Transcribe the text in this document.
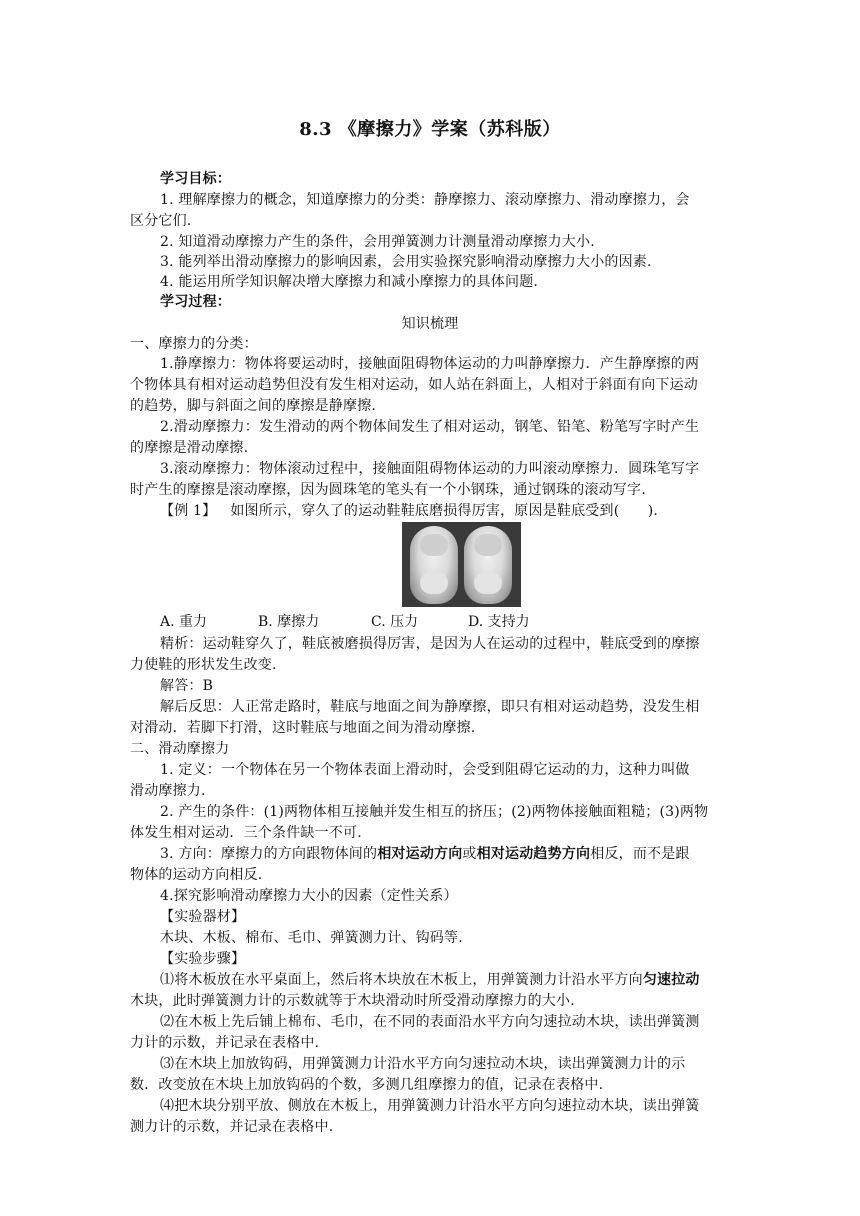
8.3 《摩擦力》学案（苏科版）
学习目标：
1. 理解摩擦力的概念，知道摩擦力的分类：静摩擦力、滚动摩擦力、滑动摩擦力，会
区分它们.
2. 知道滑动摩擦力产生的条件，会用弹簧测力计测量滑动摩擦力大小.
3. 能列举出滑动摩擦力的影响因素，会用实验探究影响滑动摩擦力大小的因素.
4. 能运用所学知识解决增大摩擦力和减小摩擦力的具体问题.
学习过程：
知识梳理
一、摩擦力的分类：
1.静摩擦力：物体将要运动时，接触面阻碍物体运动的力叫静摩擦力．产生静摩擦的两
个物体具有相对运动趋势但没有发生相对运动，如人站在斜面上，人相对于斜面有向下运动
的趋势，脚与斜面之间的摩擦是静摩擦.
2.滑动摩擦力：发生滑动的两个物体间发生了相对运动，钢笔、铅笔、粉笔写字时产生
的摩擦是滑动摩擦.
3.滚动摩擦力：物体滚动过程中，接触面阻碍物体运动的力叫滚动摩擦力．圆珠笔写字
时产生的摩擦是滚动摩擦，因为圆珠笔的笔头有一个小钢珠，通过钢珠的滚动写字.
【例 1】 如图所示，穿久了的运动鞋鞋底磨损得厉害，原因是鞋底受到(　　).
A. 重力	B. 摩擦力	C. 压力	D. 支持力
精析：运动鞋穿久了，鞋底被磨损得厉害，是因为人在运动的过程中，鞋底受到的摩擦
力使鞋的形状发生改变.
解答：B
解后反思：人正常走路时，鞋底与地面之间为静摩擦，即只有相对运动趋势，没发生相
对滑动．若脚下打滑，这时鞋底与地面之间为滑动摩擦.
二、滑动摩擦力
1. 定义：一个物体在另一个物体表面上滑动时，会受到阻碍它运动的力，这种力叫做
滑动摩擦力.
2. 产生的条件：(1)两物体相互接触并发生相互的挤压；(2)两物体接触面粗糙；(3)两物
体发生相对运动．三个条件缺一不可.
3. 方向：摩擦力的方向跟物体间的相对运动方向或相对运动趋势方向相反，而不是跟
物体的运动方向相反.
4.探究影响滑动摩擦力大小的因素（定性关系）
【实验器材】
木块、木板、棉布、毛巾、弹簧测力计、钩码等.
【实验步骤】
⑴将木板放在水平桌面上，然后将木块放在木板上，用弹簧测力计沿水平方向匀速拉动
木块，此时弹簧测力计的示数就等于木块滑动时所受滑动摩擦力的大小.
⑵在木板上先后铺上棉布、毛巾，在不同的表面沿水平方向匀速拉动木块，读出弹簧测
力计的示数，并记录在表格中.
⑶在木块上加放钩码，用弹簧测力计沿水平方向匀速拉动木块，读出弹簧测力计的示
数．改变放在木块上加放钩码的个数，多测几组摩擦力的值，记录在表格中.
⑷把木块分别平放、侧放在木板上，用弹簧测力计沿水平方向匀速拉动木块，读出弹簧
测力计的示数，并记录在表格中.
